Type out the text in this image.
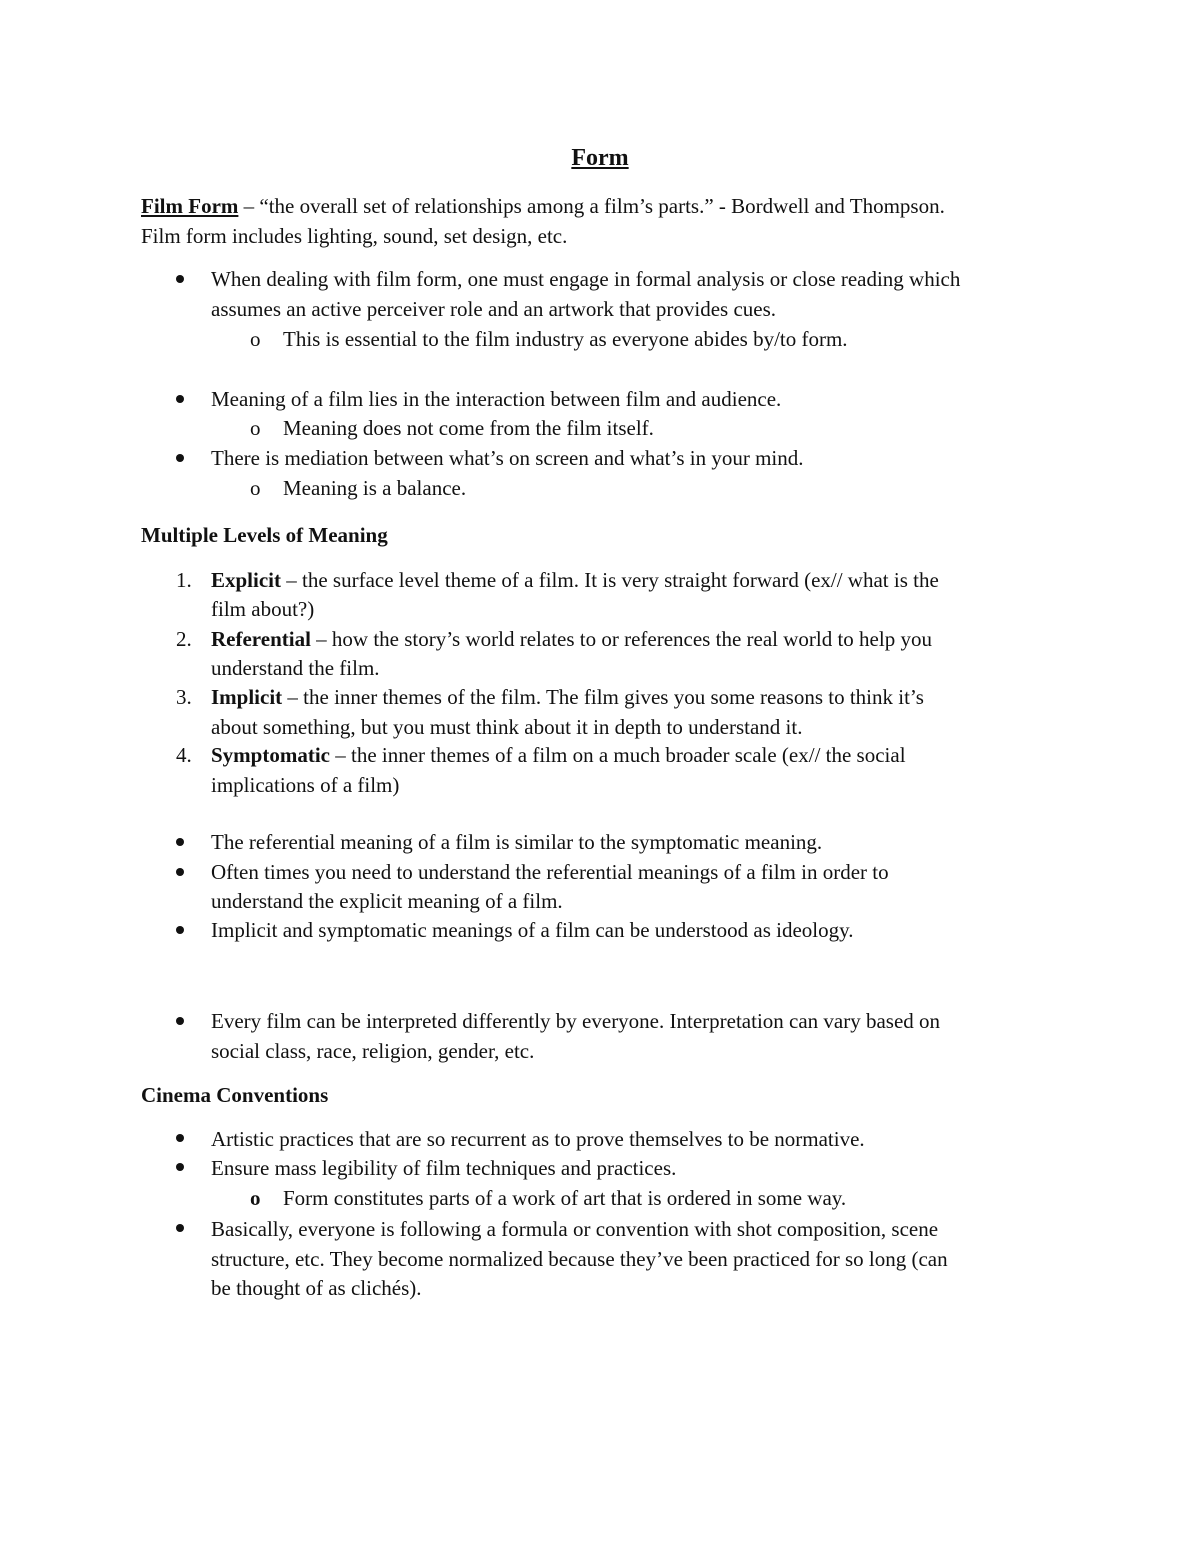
Form
Film Form – “the overall set of relationships among a film’s parts.” - Bordwell and Thompson.
Film form includes lighting, sound, set design, etc.
When dealing with film form, one must engage in formal analysis or close reading which
assumes an active perceiver role and an artwork that provides cues.
o This is essential to the film industry as everyone abides by/to form.
Meaning of a film lies in the interaction between film and audience.
o Meaning does not come from the film itself.
There is mediation between what’s on screen and what’s in your mind.
o Meaning is a balance.
Multiple Levels of Meaning
1. Explicit – the surface level theme of a film. It is very straight forward (ex// what is the
film about?)
2. Referential – how the story’s world relates to or references the real world to help you
understand the film.
3. Implicit – the inner themes of the film. The film gives you some reasons to think it’s
about something, but you must think about it in depth to understand it.
4. Symptomatic – the inner themes of a film on a much broader scale (ex// the social
implications of a film)
The referential meaning of a film is similar to the symptomatic meaning.
Often times you need to understand the referential meanings of a film in order to
understand the explicit meaning of a film.
Implicit and symptomatic meanings of a film can be understood as ideology.
Every film can be interpreted differently by everyone. Interpretation can vary based on
social class, race, religion, gender, etc.
Cinema Conventions
Artistic practices that are so recurrent as to prove themselves to be normative.
Ensure mass legibility of film techniques and practices.
o Form constitutes parts of a work of art that is ordered in some way.
Basically, everyone is following a formula or convention with shot composition, scene
structure, etc. They become normalized because they’ve been practiced for so long (can
be thought of as clichés).
